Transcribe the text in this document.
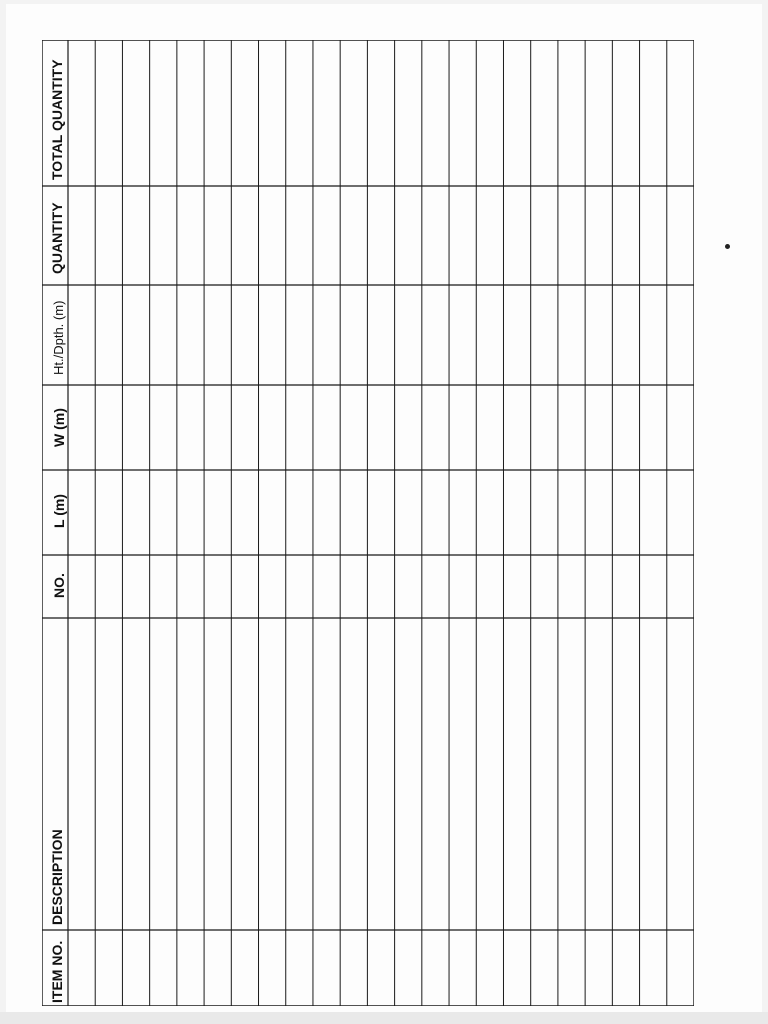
ITEM NO.
DESCRIPTION
NO.
L (m)
W (m)
Ht./Dpth. (m)
QUANTITY
TOTAL QUANTITY
